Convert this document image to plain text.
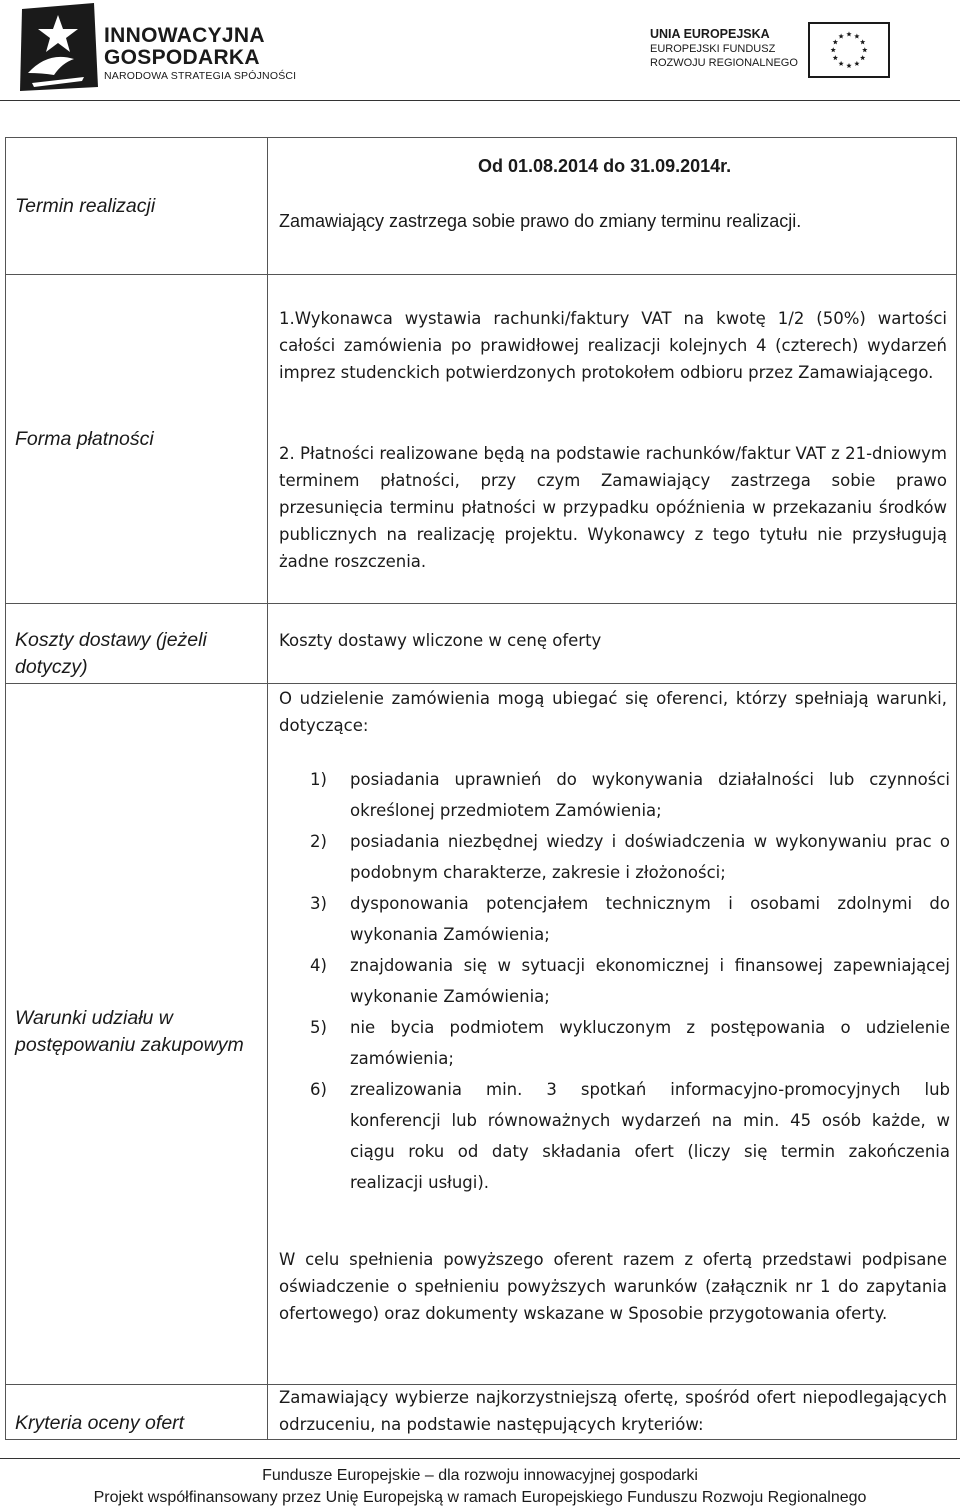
INNOWACYJNA
GOSPODARKA
NARODOWA STRATEGIA SPÓJNOŚCI
UNIA EUROPEJSKA
EUROPEJSKI FUNDUSZ
ROZWOJU REGIONALNEGO
Termin realizacji
Od 01.08.2014 do 31.09.2014r.
Zamawiający zastrzega sobie prawo do zmiany terminu realizacji.
Forma płatności
1.Wykonawca wystawia rachunki/faktury VAT na kwotę 1/2 (50%) wartości całości zamówienia po prawidłowej realizacji kolejnych 4 (czterech) wydarzeń imprez studenckich potwierdzonych protokołem odbioru przez Zamawiającego.
2. Płatności realizowane będą na podstawie rachunków/faktur VAT z 21-dniowym terminem płatności, przy czym Zamawiający zastrzega sobie prawo przesunięcia terminu płatności w przypadku opóźnienia w przekazaniu środków publicznych na realizację projektu. Wykonawcy z tego tytułu nie przysługują żadne roszczenia.
Koszty dostawy (jeżeli dotyczy)
Koszty dostawy wliczone w cenę oferty
Warunki udziału w postępowaniu zakupowym
O udzielenie zamówienia mogą ubiegać się oferenci, którzy spełniają warunki, dotyczące:
1) posiadania uprawnień do wykonywania działalności lub czynności określonej przedmiotem Zamówienia;
2) posiadania niezbędnej wiedzy i doświadczenia w wykonywaniu prac o podobnym charakterze, zakresie i złożoności;
3) dysponowania potencjałem technicznym i osobami zdolnymi do wykonania Zamówienia;
4) znajdowania się w sytuacji ekonomicznej i finansowej zapewniającej wykonanie Zamówienia;
5) nie bycia podmiotem wykluczonym z postępowania o udzielenie zamówienia;
6) zrealizowania min. 3 spotkań informacyjno-promocyjnych lub konferencji lub równoważnych wydarzeń na min. 45 osób każde, w ciągu roku od daty składania ofert (liczy się termin zakończenia realizacji usługi).
W celu spełnienia powyższego oferent razem z ofertą przedstawi podpisane oświadczenie o spełnieniu powyższych warunków (załącznik nr 1 do zapytania ofertowego) oraz dokumenty wskazane w Sposobie przygotowania oferty.
Kryteria oceny ofert
Zamawiający wybierze najkorzystniejszą ofertę, spośród ofert niepodlegających odrzuceniu, na podstawie następujących kryteriów:
Fundusze Europejskie – dla rozwoju innowacyjnej gospodarki
Projekt współfinansowany przez Unię Europejską w ramach Europejskiego Funduszu Rozwoju Regionalnego
